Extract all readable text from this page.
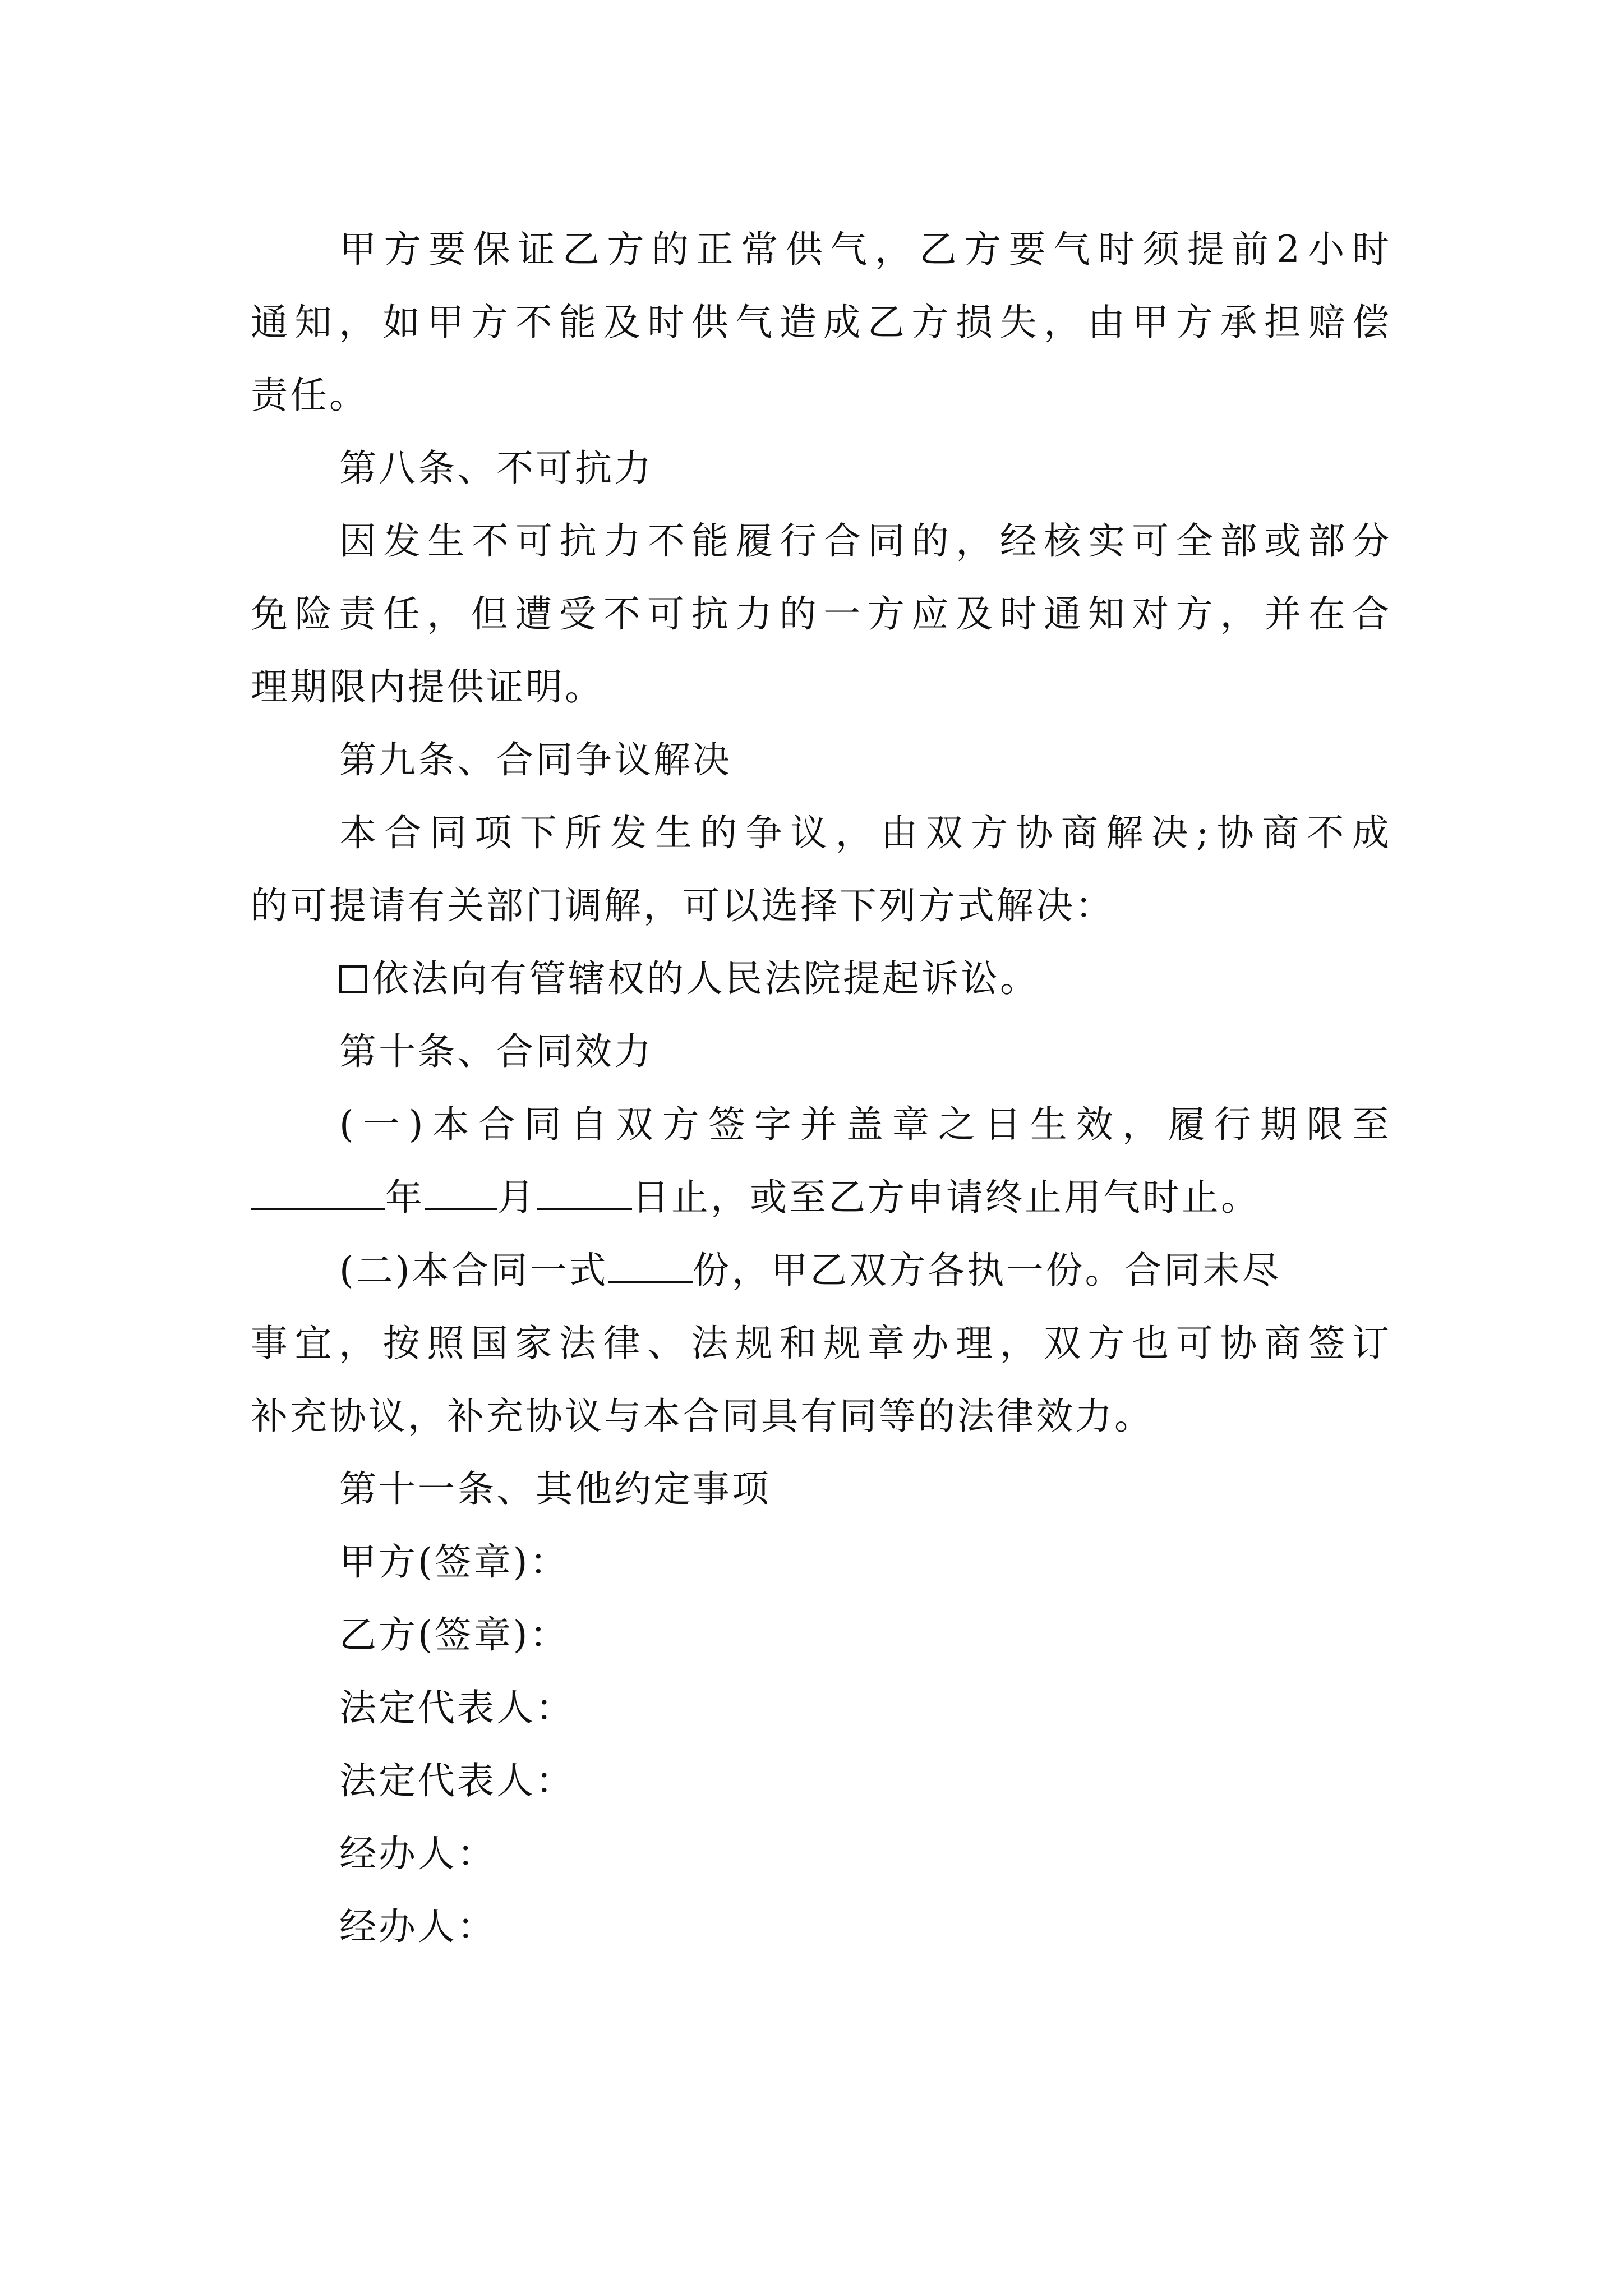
甲方要保证乙方的正常供气，乙方要气时须提前2小时
通知，如甲方不能及时供气造成乙方损失，由甲方承担赔偿
责任。
第八条、不可抗力
因发生不可抗力不能履行合同的，经核实可全部或部分
免险责任，但遭受不可抗力的一方应及时通知对方，并在合
理期限内提供证明。
第九条、合同争议解决
本合同项下所发生的争议，由双方协商解决;协商不成
的可提请有关部门调解，可以选择下列方式解决：
依法向有管辖权的人民法院提起诉讼。
第十条、合同效力
(一)本合同自双方签字并盖章之日生效，履行期限至
年 月	日止，或至乙方申请终止用气时止。
(二)本合同一式 份，甲乙双方各执一份。合同未尽
事宜，按照国家法律、法规和规章办理，双方也可协商签订
补充协议，补充协议与本合同具有同等的法律效力。
第十一条、其他约定事项
甲方(签章)：
乙方(签章)：
法定代表人：
法定代表人：
经办人：
经办人：
